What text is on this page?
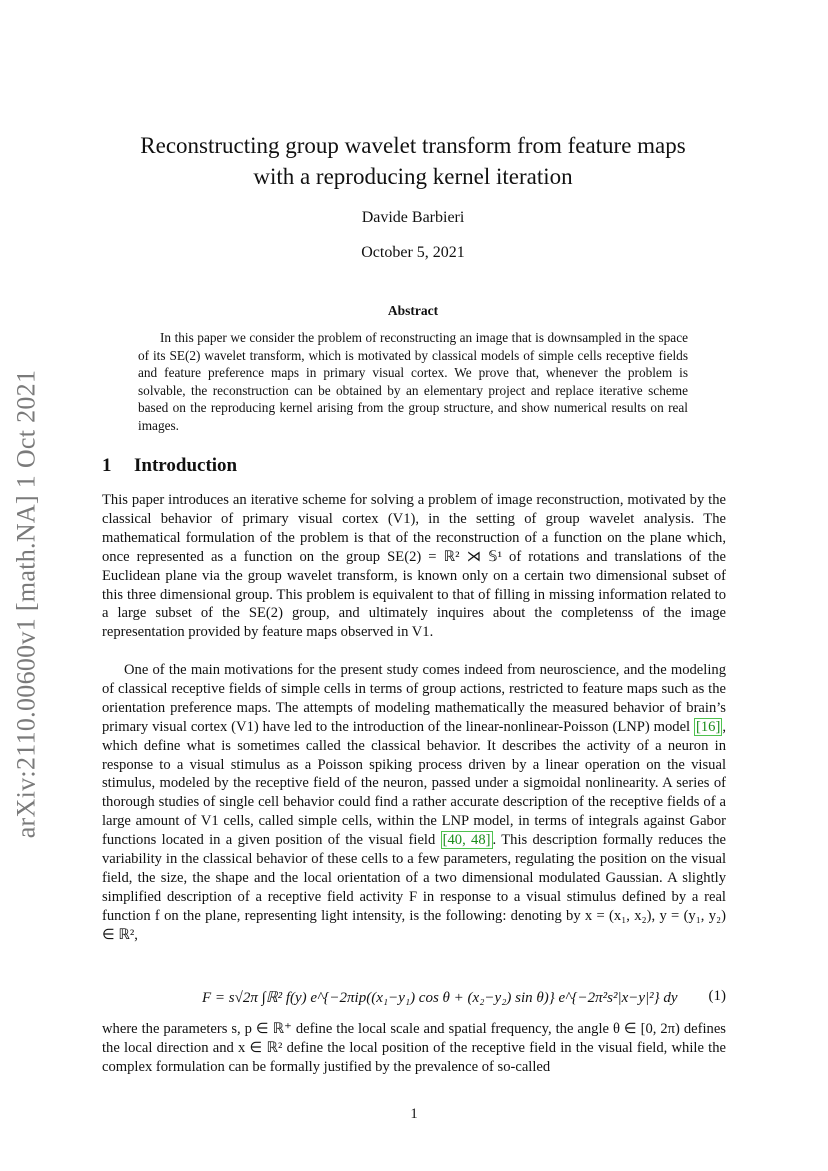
arXiv:2110.00600v1 [math.NA] 1 Oct 2021
Reconstructing group wavelet transform from feature maps
with a reproducing kernel iteration
Davide Barbieri
October 5, 2021
Abstract
In this paper we consider the problem of reconstructing an image that is downsampled in the space of its SE(2) wavelet transform, which is motivated by classical models of simple cells receptive fields and feature preference maps in primary visual cortex. We prove that, whenever the problem is solvable, the reconstruction can be obtained by an elementary project and replace iterative scheme based on the reproducing kernel arising from the group structure, and show numerical results on real images.
1 Introduction
This paper introduces an iterative scheme for solving a problem of image reconstruction, motivated by the classical behavior of primary visual cortex (V1), in the setting of group wavelet analysis. The mathematical formulation of the problem is that of the reconstruction of a function on the plane which, once represented as a function on the group SE(2) = ℝ² ⋊ 𝕊¹ of rotations and translations of the Euclidean plane via the group wavelet transform, is known only on a certain two dimensional subset of this three dimensional group. This problem is equivalent to that of filling in missing information related to a large subset of the SE(2) group, and ultimately inquires about the completenss of the image representation provided by feature maps observed in V1.
One of the main motivations for the present study comes indeed from neuroscience, and the modeling of classical receptive fields of simple cells in terms of group actions, restricted to feature maps such as the orientation preference maps. The attempts of modeling mathematically the measured behavior of brain’s primary visual cortex (V1) have led to the introduction of the linear-nonlinear-Poisson (LNP) model [16] , which define what is sometimes called the classical behavior. It describes the activity of a neuron in response to a visual stimulus as a Poisson spiking process driven by a linear operation on the visual stimulus, modeled by the receptive field of the neuron, passed under a sigmoidal nonlinearity. A series of thorough studies of single cell behavior could find a rather accurate description of the receptive fields of a large amount of V1 cells, called simple cells, within the LNP model, in terms of integrals against Gabor functions located in a given position of the visual field [40, 48] . This description formally reduces the variability in the classical behavior of these cells to a few parameters, regulating the position on the visual field, the size, the shape and the local orientation of a two dimensional modulated Gaussian. A slightly simplified description of a receptive field activity F in response to a visual stimulus defined by a real function f on the plane, representing light intensity, is the following: denoting by x = (x₁, x₂), y = (y₁, y₂) ∈ ℝ²,
F = s√2π ∫ℝ² f(y) e^{−2πip((x₁−y₁) cos θ + (x₂−y₂) sin θ)} e^{−2π²s²|x−y|²} dy (1)
where the parameters s, p ∈ ℝ⁺ define the local scale and spatial frequency, the angle θ ∈ [0, 2π) defines the local direction and x ∈ ℝ² define the local position of the receptive field in the visual field, while the complex formulation can be formally justified by the prevalence of so-called
1
